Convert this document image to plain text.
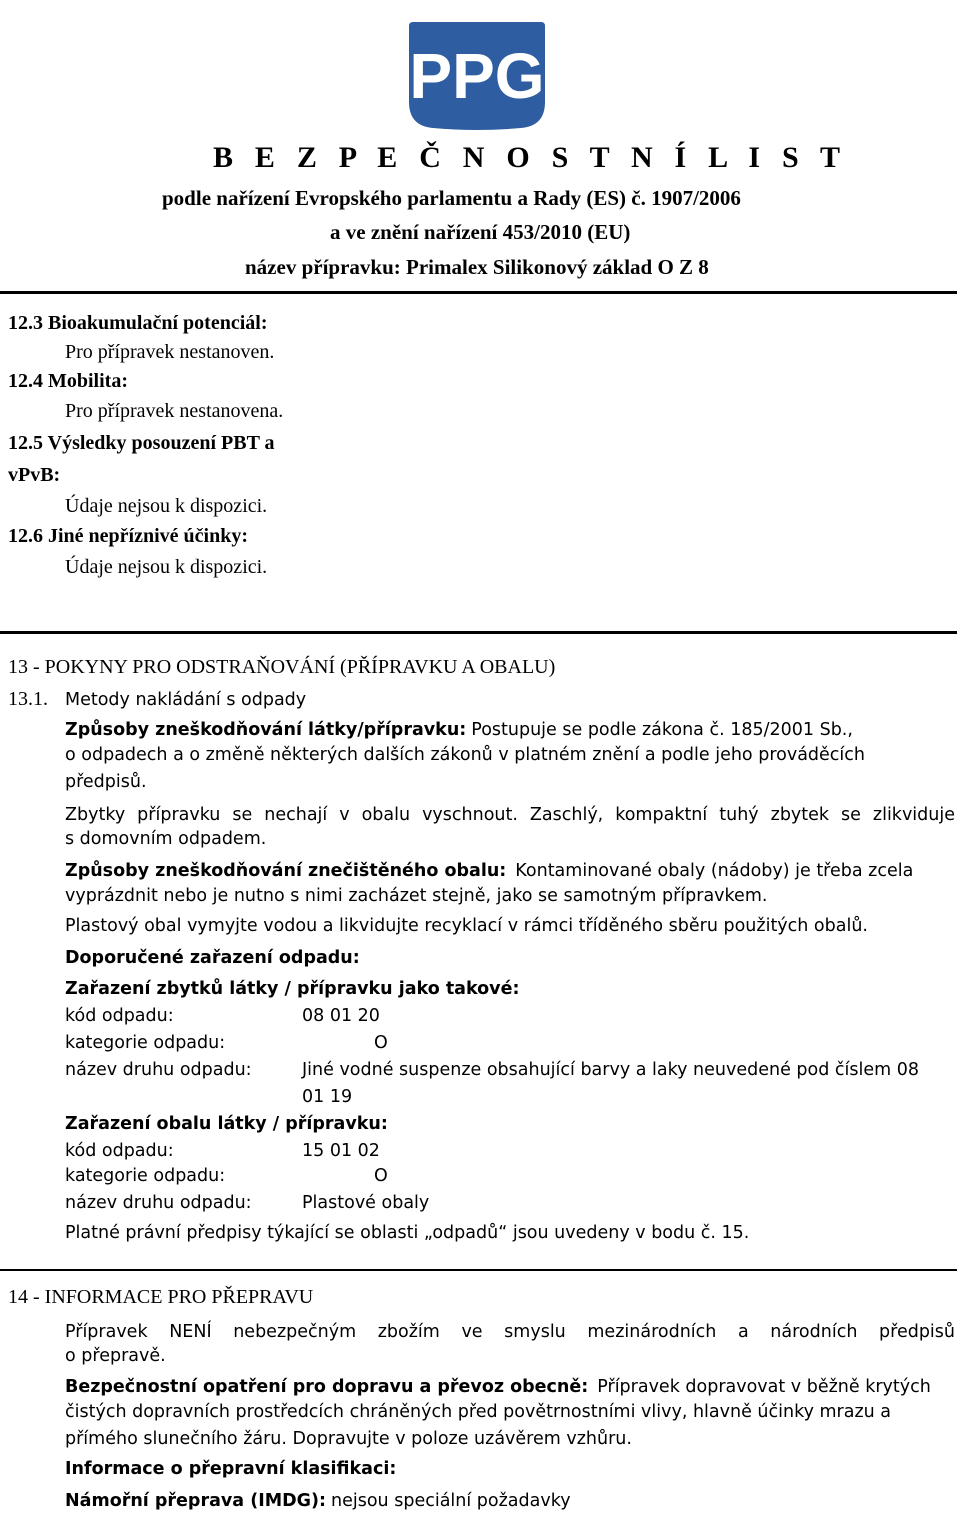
PPG
B E Z P E Č N O S T N Í L I S T
podle nařízení Evropského parlamentu a Rady (ES) č. 1907/2006
a ve znění nařízení 453/2010 (EU)
název přípravku: Primalex Silikonový základ O Z 8
12.3 Bioakumulační potenciál:
Pro přípravek nestanoven.
12.4 Mobilita:
Pro přípravek nestanovena.
12.5 Výsledky posouzení PBT a
vPvB:
Údaje nejsou k dispozici.
12.6 Jiné nepříznivé účinky:
Údaje nejsou k dispozici.
13 - POKYNY PRO ODSTRAŇOVÁNÍ (PŘÍPRAVKU A OBALU)
13.1. Metody nakládání s odpady
Způsoby zneškodňování látky/přípravku: Postupuje se podle zákona č. 185/2001 Sb.,
o odpadech a o změně některých dalších zákonů v platném znění a podle jeho prováděcích
předpisů.
Zbytky přípravku se nechají v obalu vyschnout. Zaschlý, kompaktní tuhý zbytek se zlikviduje
s domovním odpadem.
Způsoby zneškodňování znečištěného obalu: Kontaminované obaly (nádoby) je třeba zcela
vyprázdnit nebo je nutno s nimi zacházet stejně, jako se samotným přípravkem.
Plastový obal vymyjte vodou a likvidujte recyklací v rámci tříděného sběru použitých obalů.
Doporučené zařazení odpadu:
Zařazení zbytků látky / přípravku jako takové:
kód odpadu:	08 01 20
kategorie odpadu:	O
název druhu odpadu:	Jiné vodné suspenze obsahující barvy a laky neuvedené pod číslem 08
01 19
Zařazení obalu látky / přípravku:
kód odpadu:	15 01 02
kategorie odpadu:	O
název druhu odpadu:	Plastové obaly
Platné právní předpisy týkající se oblasti „odpadů“ jsou uvedeny v bodu č. 15.
14 - INFORMACE PRO PŘEPRAVU
Přípravek NENÍ nebezpečným zbožím ve smyslu mezinárodních a národních předpisů
o přepravě.
Bezpečnostní opatření pro dopravu a převoz obecně: Přípravek dopravovat v běžně krytých
čistých dopravních prostředcích chráněných před povětrnostními vlivy, hlavně účinky mrazu a
přímého slunečního žáru. Dopravujte v poloze uzávěrem vzhůru.
Informace o přepravní klasifikaci:
Námořní přeprava (IMDG): nejsou speciální požadavky
